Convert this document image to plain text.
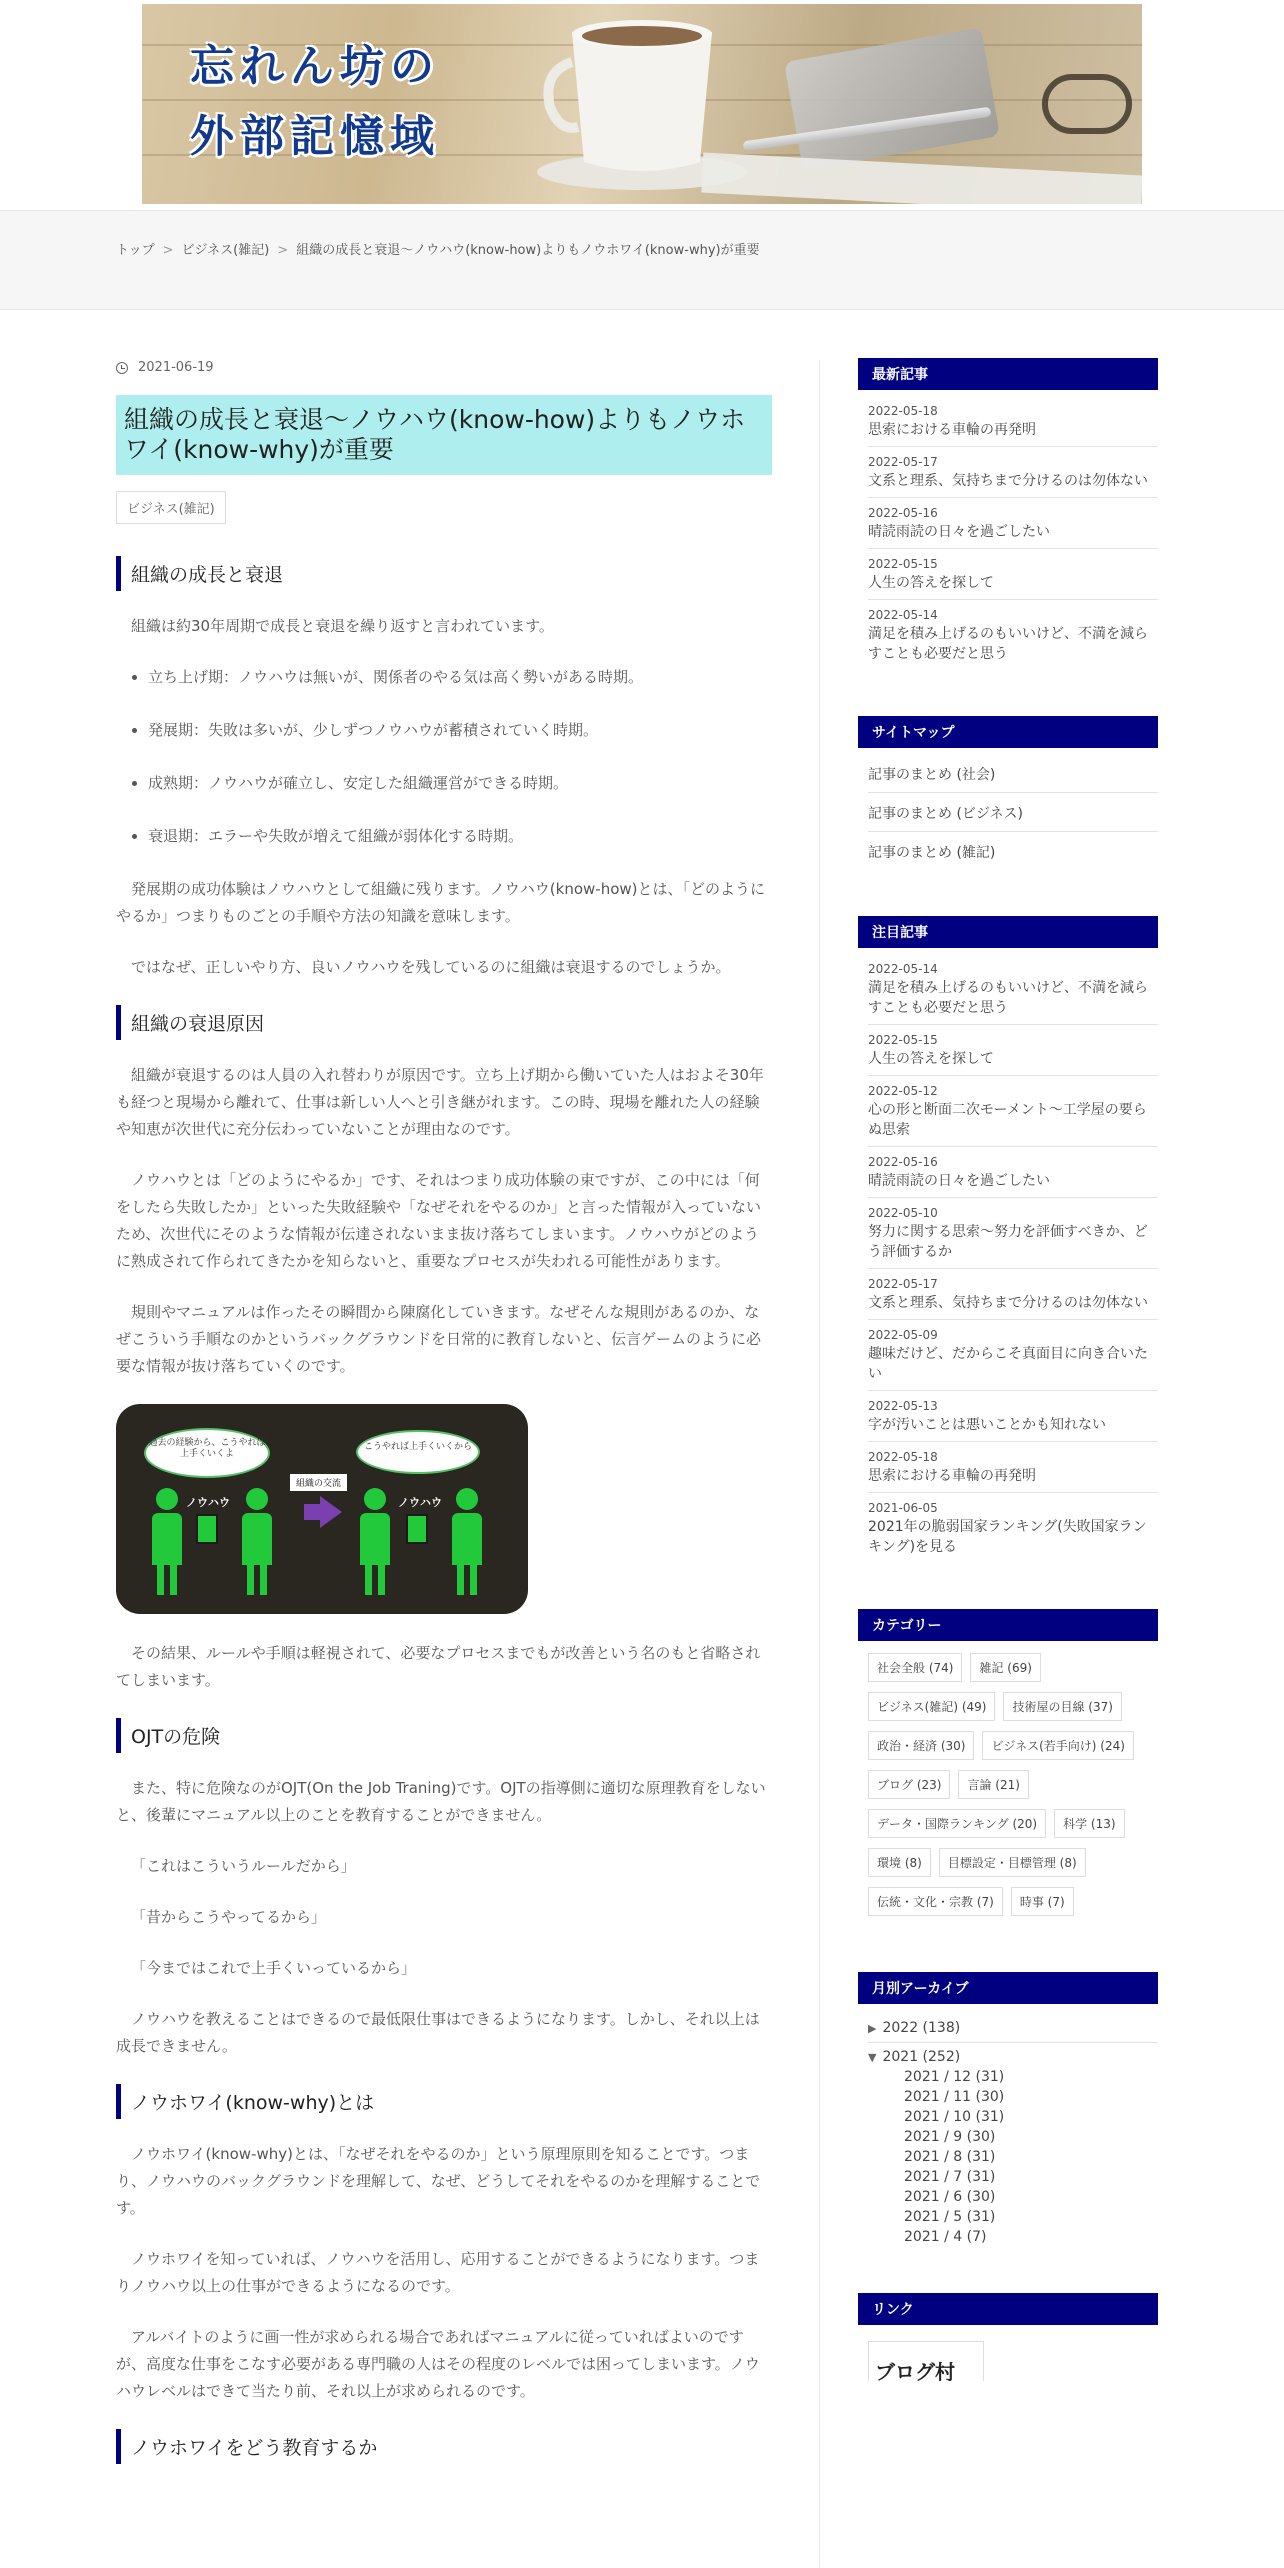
忘れん坊の
外部記憶域
トップ > ビジネス(雑記) > 組織の成長と衰退～ノウハウ(know-how)よりもノウホワイ(know-why)が重要
2021-06-19
組織の成長と衰退～ノウハウ(know-how)よりもノウホワイ(know-why)が重要
ビジネス(雑記)
組織の成長と衰退

組織は約30年周期で成長と衰退を繰り返すと言われています。

• 立ち上げ期：ノウハウは無いが、関係者のやる気は高く勢いがある時期。
• 発展期：失敗は多いが、少しずつノウハウが蓄積されていく時期。
• 成熟期：ノウハウが確立し、安定した組織運営ができる時期。
• 衰退期：エラーや失敗が増えて組織が弱体化する時期。

発展期の成功体験はノウハウとして組織に残ります。ノウハウ(know-how)とは、「どのようにやるか」つまりものごとの手順や方法の知識を意味します。

ではなぜ、正しいやり方、良いノウハウを残しているのに組織は衰退するのでしょうか。

組織の衰退原因

組織が衰退するのは人員の入れ替わりが原因です。立ち上げ期から働いていた人はおよそ30年も経つと現場から離れて、仕事は新しい人へと引き継がれます。この時、現場を離れた人の経験や知恵が次世代に充分伝わっていないことが理由なのです。

ノウハウとは「どのようにやるか」です、それはつまり成功体験の束ですが、この中には「何をしたら失敗したか」といった失敗経験や「なぜそれをやるのか」と言った情報が入っていないため、次世代にそのような情報が伝達されないまま抜け落ちてしまいます。ノウハウがどのように熟成されて作られてきたかを知らないと、重要なプロセスが失われる可能性があります。

規則やマニュアルは作ったその瞬間から陳腐化していきます。なぜそんな規則があるのか、なぜこういう手順なのかというバックグラウンドを日常的に教育しないと、伝言ゲームのように必要な情報が抜け落ちていくのです。

過去の経験から、こうやれば上手くいくよ
こうやれば上手くいくから
組織の交流
ノウハウ	ノウハウ

その結果、ルールや手順は軽視されて、必要なプロセスまでもが改善という名のもと省略されてしまいます。

OJTの危険

また、特に危険なのがOJT(On the Job Traning)です。OJTの指導側に適切な原理教育をしないと、後輩にマニュアル以上のことを教育することができません。

「これはこういうルールだから」

「昔からこうやってるから」

「今まではこれで上手くいっているから」

ノウハウを教えることはできるので最低限仕事はできるようになります。しかし、それ以上は成長できません。

ノウホワイ(know-why)とは

ノウホワイ(know-why)とは、「なぜそれをやるのか」という原理原則を知ることです。つまり、ノウハウのバックグラウンドを理解して、なぜ、どうしてそれをやるのかを理解することです。

ノウホワイを知っていれば、ノウハウを活用し、応用することができるようになります。つまりノウハウ以上の仕事ができるようになるのです。

アルバイトのように画一性が求められる場合であればマニュアルに従っていればよいのですが、高度な仕事をこなす必要がある専門職の人はその程度のレベルでは困ってしまいます。ノウハウレベルはできて当たり前、それ以上が求められるのです。

ノウホワイをどう教育するか
最新記事
2022-05-18
思索における車輪の再発明
2022-05-17
文系と理系、気持ちまで分けるのは勿体ない
2022-05-16
晴読雨読の日々を過ごしたい
2022-05-15
人生の答えを探して
2022-05-14
満足を積み上げるのもいいけど、不満を減らすことも必要だと思う
サイトマップ
記事のまとめ (社会)
記事のまとめ (ビジネス)
記事のまとめ (雑記)
注目記事
2022-05-14
満足を積み上げるのもいいけど、不満を減らすことも必要だと思う
2022-05-15
人生の答えを探して
2022-05-12
心の形と断面二次モーメント〜工学屋の要らぬ思索
2022-05-16
晴読雨読の日々を過ごしたい
2022-05-10
努力に関する思索～努力を評価すべきか、どう評価するか
2022-05-17
文系と理系、気持ちまで分けるのは勿体ない
2022-05-09
趣味だけど、だからこそ真面目に向き合いたい
2022-05-13
字が汚いことは悪いことかも知れない
2022-05-18
思索における車輪の再発明
2021-06-05
2021年の脆弱国家ランキング(失敗国家ランキング)を見る
カテゴリー
社会全般 (74)	雑記 (69)
ビジネス(雑記) (49)	技術屋の目線 (37)
政治・経済 (30)	ビジネス(若手向け) (24)
ブログ (23)	言論 (21)
データ・国際ランキング (20)	科学 (13)
環境 (8)	目標設定・目標管理 (8)
伝統・文化・宗教 (7)	時事 (7)
月別アーカイブ
▶ 2022 (138)
▼ 2021 (252)
2021 / 12 (31)
2021 / 11 (30)
2021 / 10 (31)
2021 / 9 (30)
2021 / 8 (31)
2021 / 7 (31)
2021 / 6 (30)
2021 / 5 (31)
2021 / 4 (7)
リンク
ブログ村
